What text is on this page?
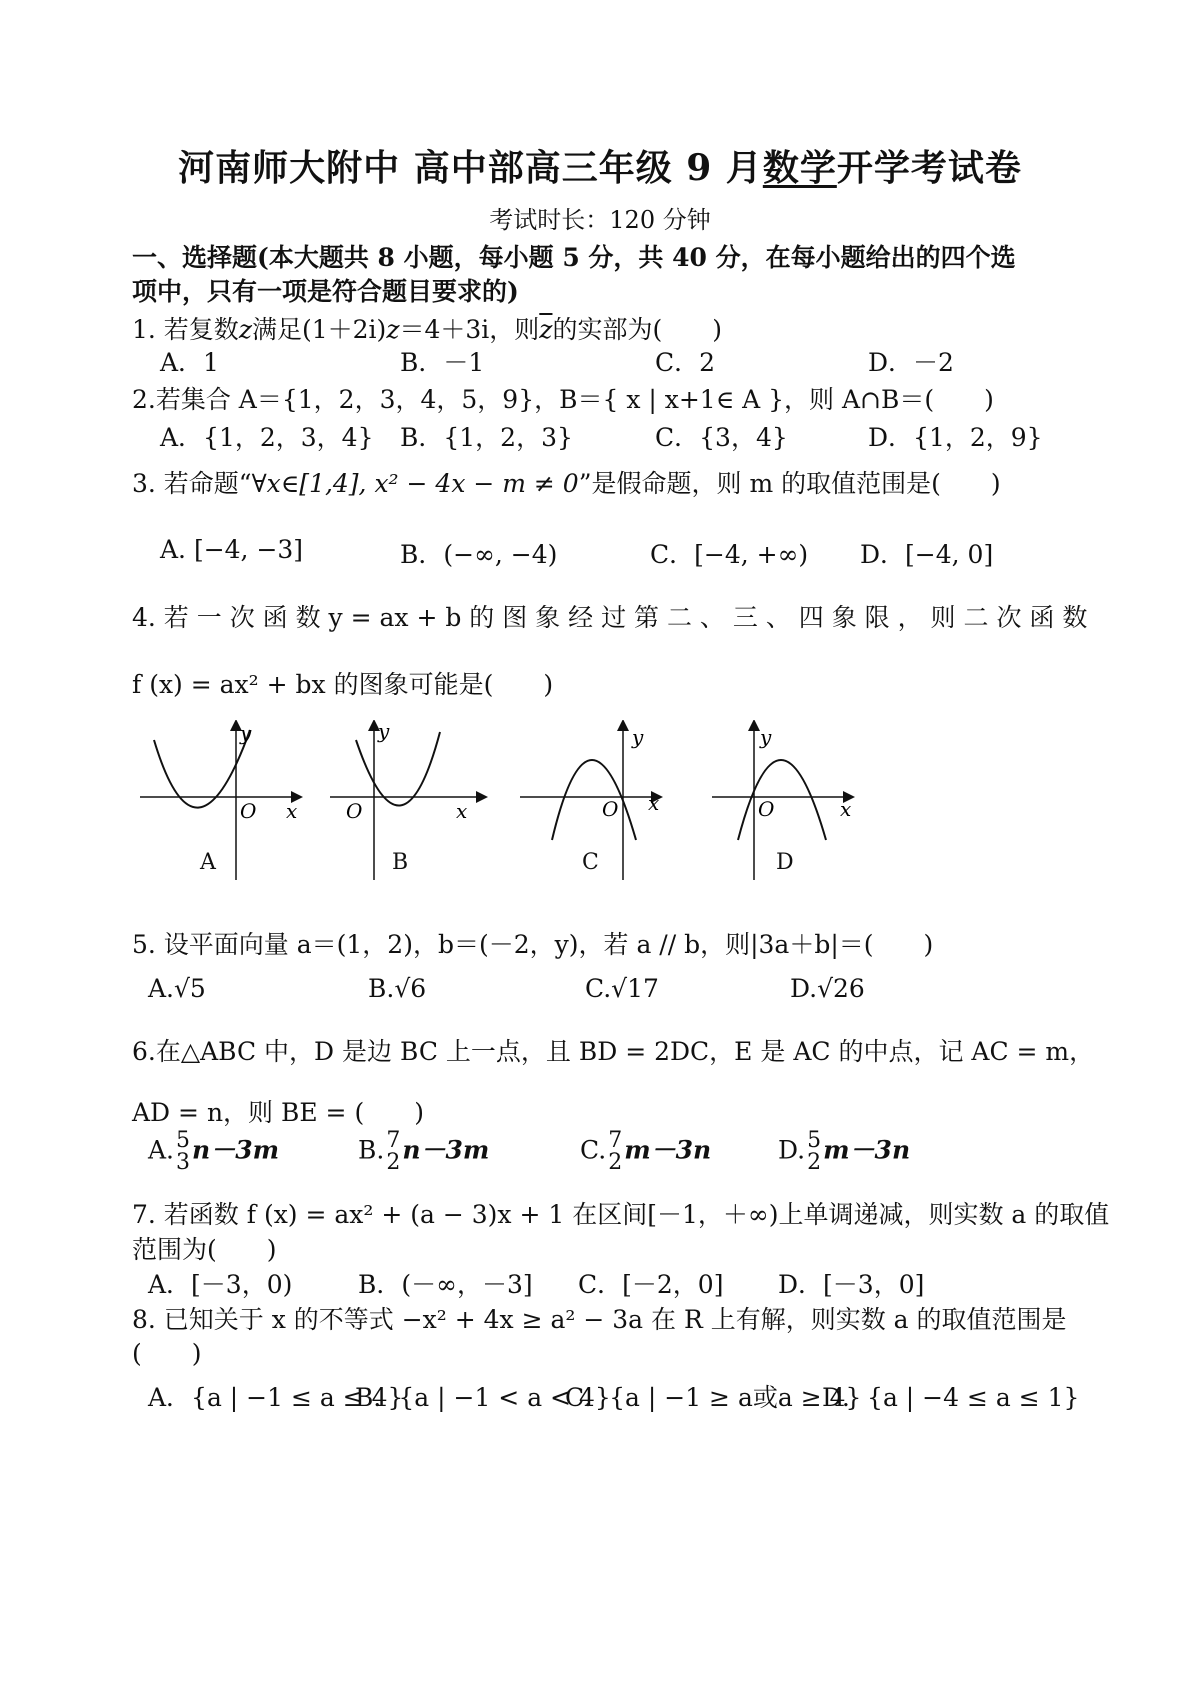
河南师大附中 高中部高三年级 9 月数学开学考试卷
考试时长：120 分钟
一、选择题(本大题共 8 小题，每小题 5 分，共 40 分，在每小题给出的四个选
项中，只有一项是符合题目要求的)
1. 若复数z满足(1＋2i)z＝4＋3i，则$\overline{z}$的实部为(　　)
A．1	B．－1	C．2	D．－2
2.若集合 A＝{1，2，3，4，5，9}，B＝{ x | x+1∈ A }，则 A∩B＝(　　)
A．{1，2，3，4} B．{1，2，3}	C．{3，4}	D．{1，2，9}
3. 若命题“∀x∈[1,4], x² − 4x − m ≠ 0”是假命题，则 m 的取值范围是(　　)
A. [−4, −3]	B．(−∞, −4)	C．[−4, +∞) D．[−4, 0]
4. 若 一 次 函 数 y = ax + b 的 图 象 经 过 第 二 、 三 、 四 象 限 ， 则 二 次 函 数
f (x) = ax² + bx 的图象可能是(　　)
y
x
O
y
x
O
y
x
O
y
x
O
A	B	C	D
5. 设平面向量 a＝(1，2)，b＝(－2，y)，若 a // b，则|3a＋b|＝(　　)
A.√5	B.√6	C.√17	D.√26
6.在△ABC 中，D 是边 BC 上一点，且 BD = 2DC，E 是 AC 的中点，记 AC = m，
AD = n，则 BE = (　　)
A. 5
3 n－3m	B. 7
2 n－3m	C. 7
2 m－3n	D. 5
2 m－3n
7. 若函数 f (x) = ax² + (a − 3)x + 1 在区间[－1，＋∞)上单调递减，则实数 a 的取值
范围为(　　)
A．[－3，0)	B．(－∞，－3] C．[－2，0] D．[－3，0]
8. 已知关于 x 的不等式 −x² + 4x ≥ a² − 3a 在 R 上有解，则实数 a 的取值范围是
(　　)
A．{a | −1 ≤ a ≤ 4}
B．{a | −1 < a < 4}
C．{a | −1 ≥ a或a ≥ 4}
D．{a | −4 ≤ a ≤ 1}
